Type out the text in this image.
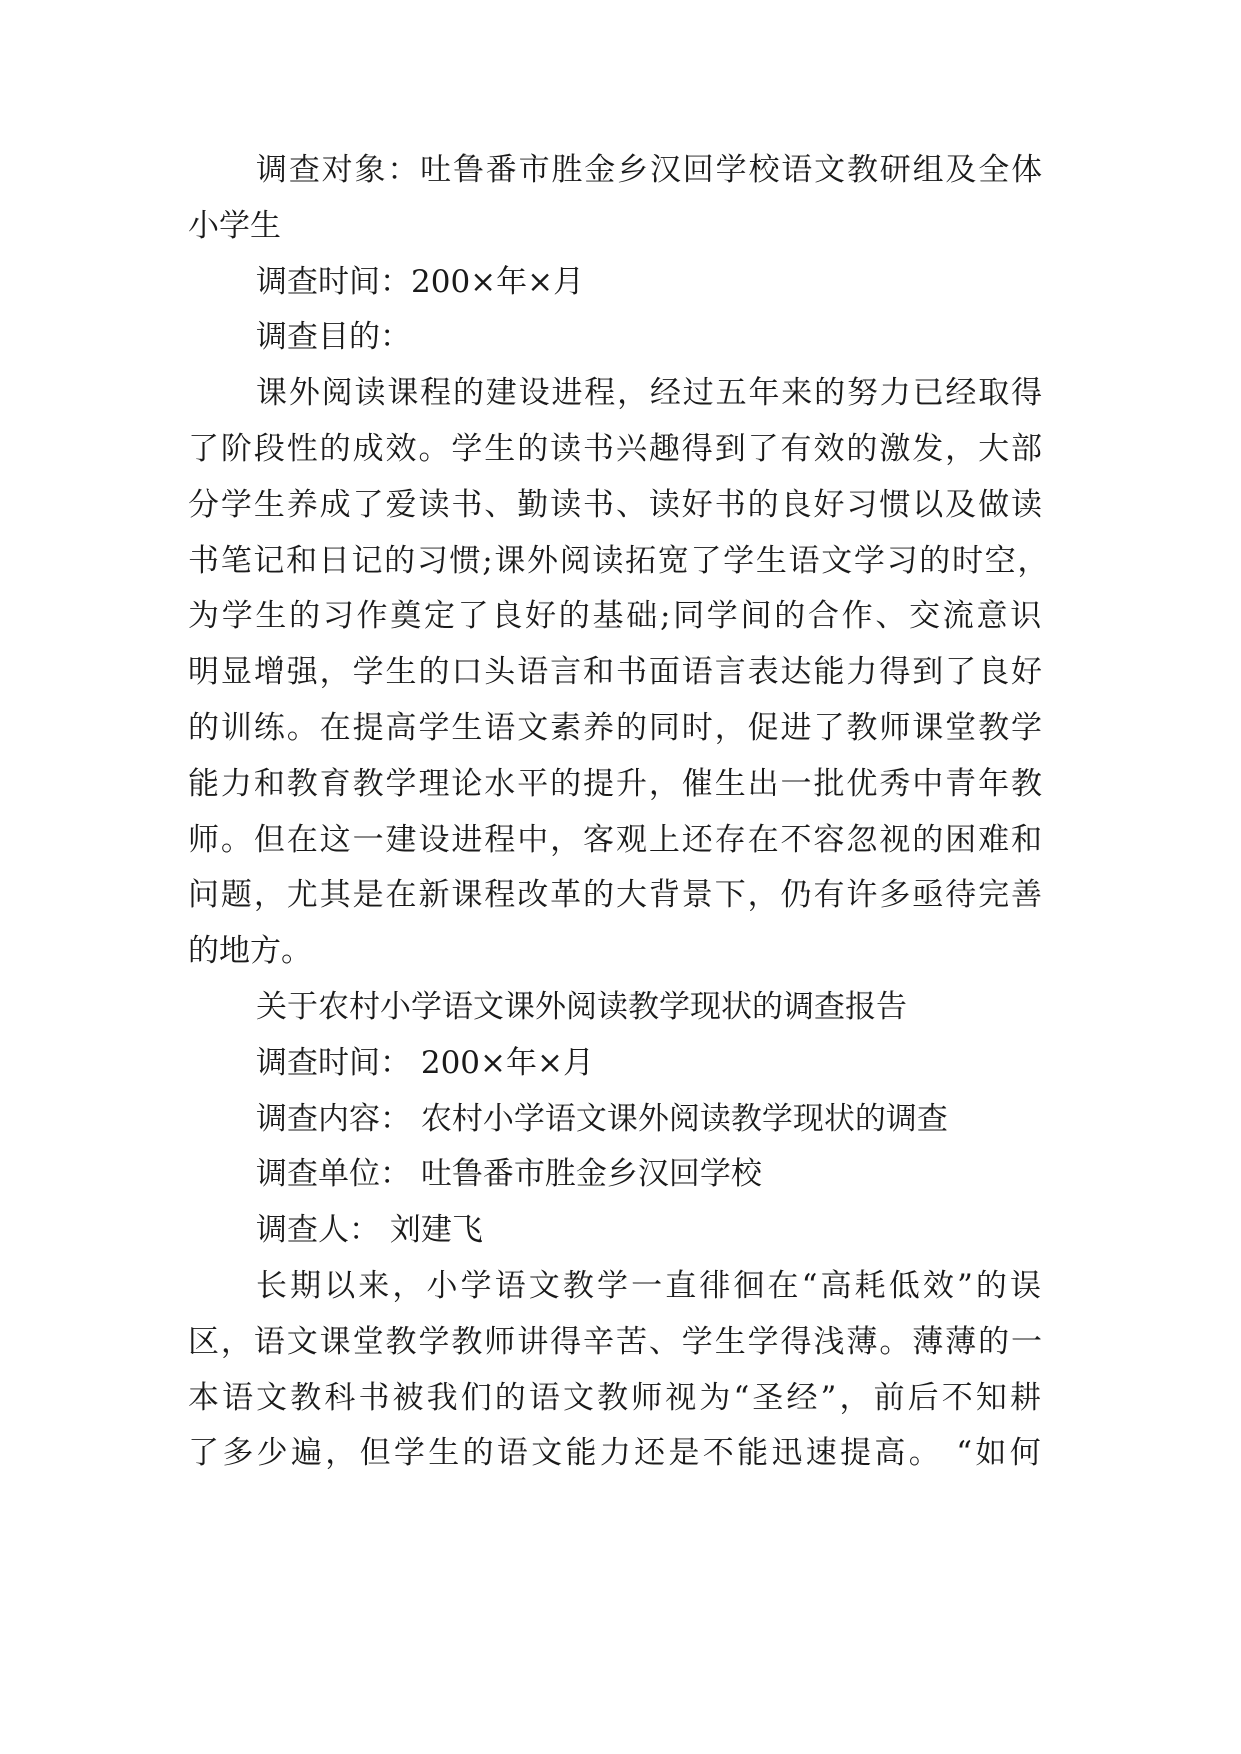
调查对象：吐鲁番市胜金乡汉回学校语文教研组及全体
小学生
调查时间：200×年×月
调查目的：
课外阅读课程的建设进程，经过五年来的努力已经取得
了阶段性的成效。学生的读书兴趣得到了有效的激发，大部
分学生养成了爱读书、勤读书、读好书的良好习惯以及做读
书笔记和日记的习惯;课外阅读拓宽了学生语文学习的时空，
为学生的习作奠定了良好的基础;同学间的合作、交流意识
明显增强，学生的口头语言和书面语言表达能力得到了良好
的训练。在提高学生语文素养的同时，促进了教师课堂教学
能力和教育教学理论水平的提升，催生出一批优秀中青年教
师。但在这一建设进程中，客观上还存在不容忽视的困难和
问题，尤其是在新课程改革的大背景下，仍有许多亟待完善
的地方。
关于农村小学语文课外阅读教学现状的调查报告
调查时间： 200×年×月
调查内容： 农村小学语文课外阅读教学现状的调查
调查单位： 吐鲁番市胜金乡汉回学校
调查人： 刘建飞
长期以来，小学语文教学一直徘徊在“高耗低效”的误
区，语文课堂教学教师讲得辛苦、学生学得浅薄。薄薄的一
本语文教科书被我们的语文教师视为“圣经”，前后不知耕
了多少遍，但学生的语文能力还是不能迅速提高。 “如何
